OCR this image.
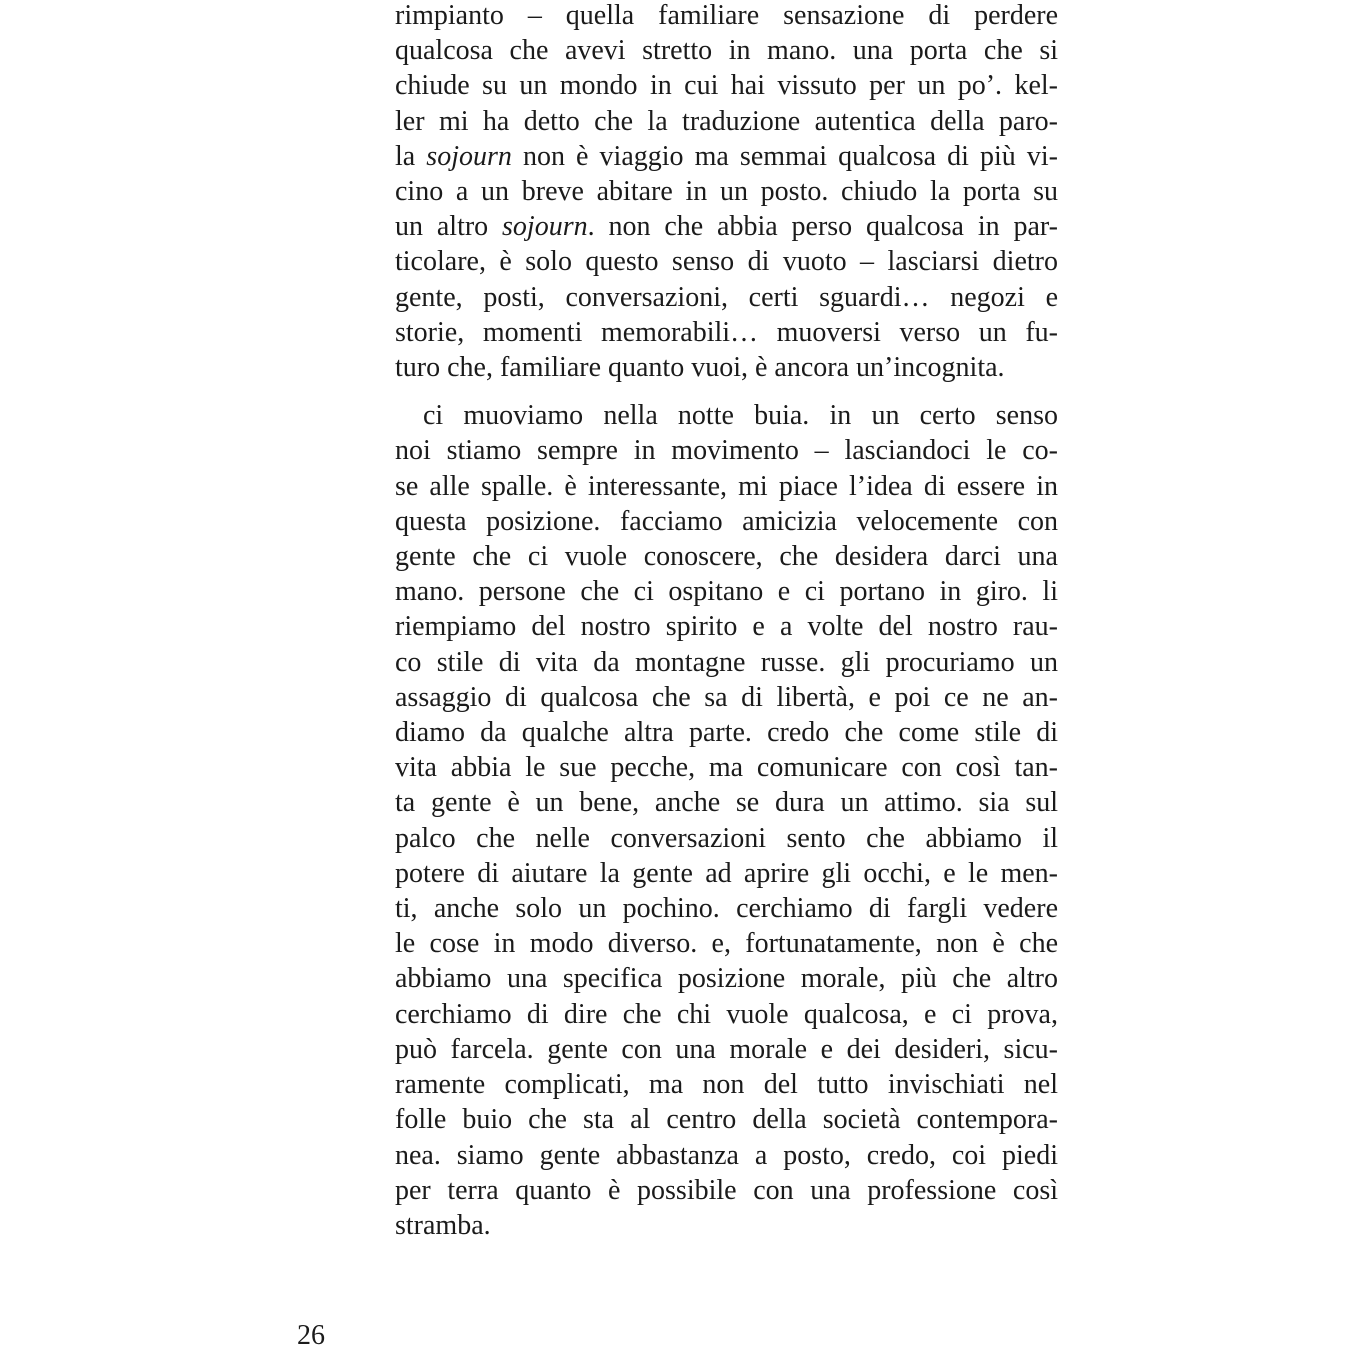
rimpianto – quella familiare sensazione di perdere
qualcosa che avevi stretto in mano. una porta che si
chiude su un mondo in cui hai vissuto per un po’. kel-
ler mi ha detto che la traduzione autentica della paro-
la sojourn non è viaggio ma semmai qualcosa di più vi-
cino a un breve abitare in un posto. chiudo la porta su
un altro sojourn. non che abbia perso qualcosa in par-
ticolare, è solo questo senso di vuoto – lasciarsi dietro
gente, posti, conversazioni, certi sguardi… negozi e
storie, momenti memorabili… muoversi verso un fu-
turo che, familiare quanto vuoi, è ancora un’incognita.
ci muoviamo nella notte buia. in un certo senso
noi stiamo sempre in movimento – lasciandoci le co-
se alle spalle. è interessante, mi piace l’idea di essere in
questa posizione. facciamo amicizia velocemente con
gente che ci vuole conoscere, che desidera darci una
mano. persone che ci ospitano e ci portano in giro. li
riempiamo del nostro spirito e a volte del nostro rau-
co stile di vita da montagne russe. gli procuriamo un
assaggio di qualcosa che sa di libertà, e poi ce ne an-
diamo da qualche altra parte. credo che come stile di
vita abbia le sue pecche, ma comunicare con così tan-
ta gente è un bene, anche se dura un attimo. sia sul
palco che nelle conversazioni sento che abbiamo il
potere di aiutare la gente ad aprire gli occhi, e le men-
ti, anche solo un pochino. cerchiamo di fargli vedere
le cose in modo diverso. e, fortunatamente, non è che
abbiamo una specifica posizione morale, più che altro
cerchiamo di dire che chi vuole qualcosa, e ci prova,
può farcela. gente con una morale e dei desideri, sicu-
ramente complicati, ma non del tutto invischiati nel
folle buio che sta al centro della società contempora-
nea. siamo gente abbastanza a posto, credo, coi piedi
per terra quanto è possibile con una professione così
stramba.
26
